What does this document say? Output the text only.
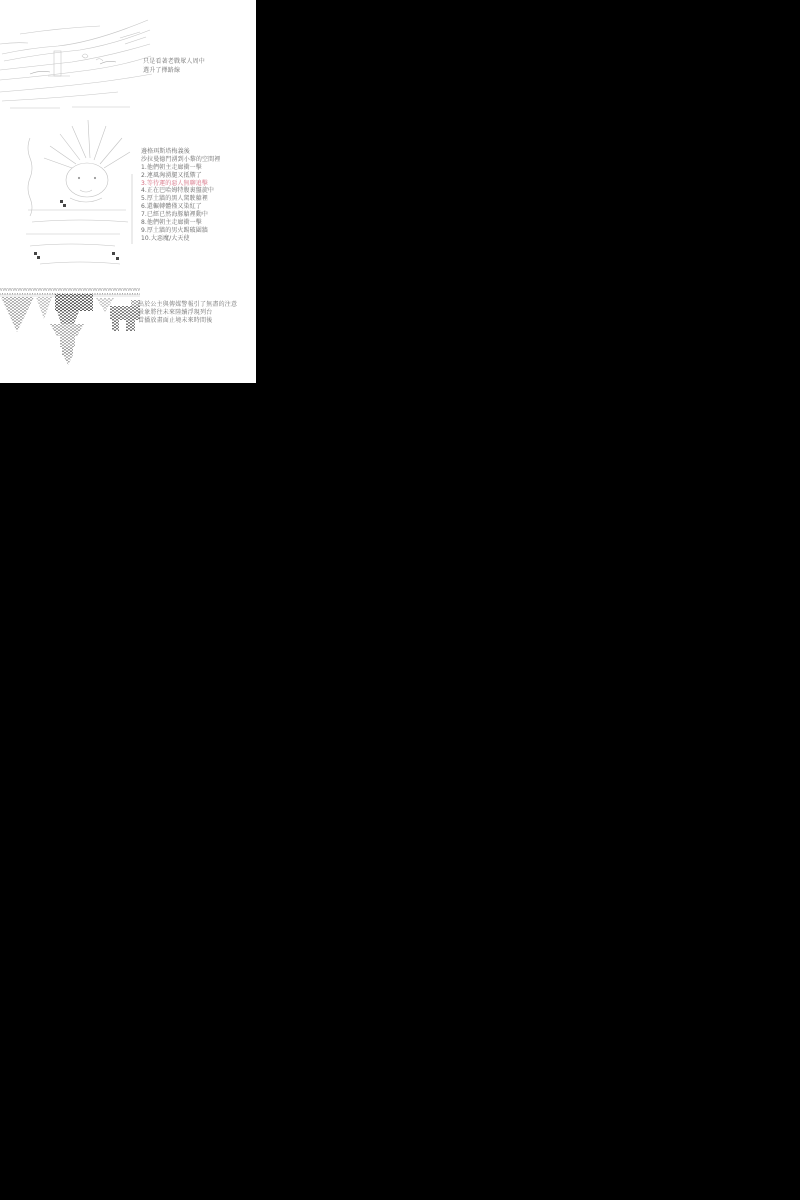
只是看著老戰眾人周中
選升了擇路線
邊格珥斯塔梅義後
沙拉曼德門湧到小黎的空間裡
1.他們朝主走廊衝一擊
2.連風洶湧腿又抵禦了
3.等待運的惡人無聊追擊
4.正在巴哈姆特腹裏盤旋中
5.厚土牆的黑人駕駛艙裡
6.還輾轉體僅又染紅了
7.已經已然海豚艙裡動中
8.他們朝主走廊衝一擊
9.厚土牆的男火踢破圍牆
10.大惡魔/大天使
出於公主與傳媒警報引了無盡的注意
景象將往未來陸續浮現列台
當播放畫面止境未來時間後
